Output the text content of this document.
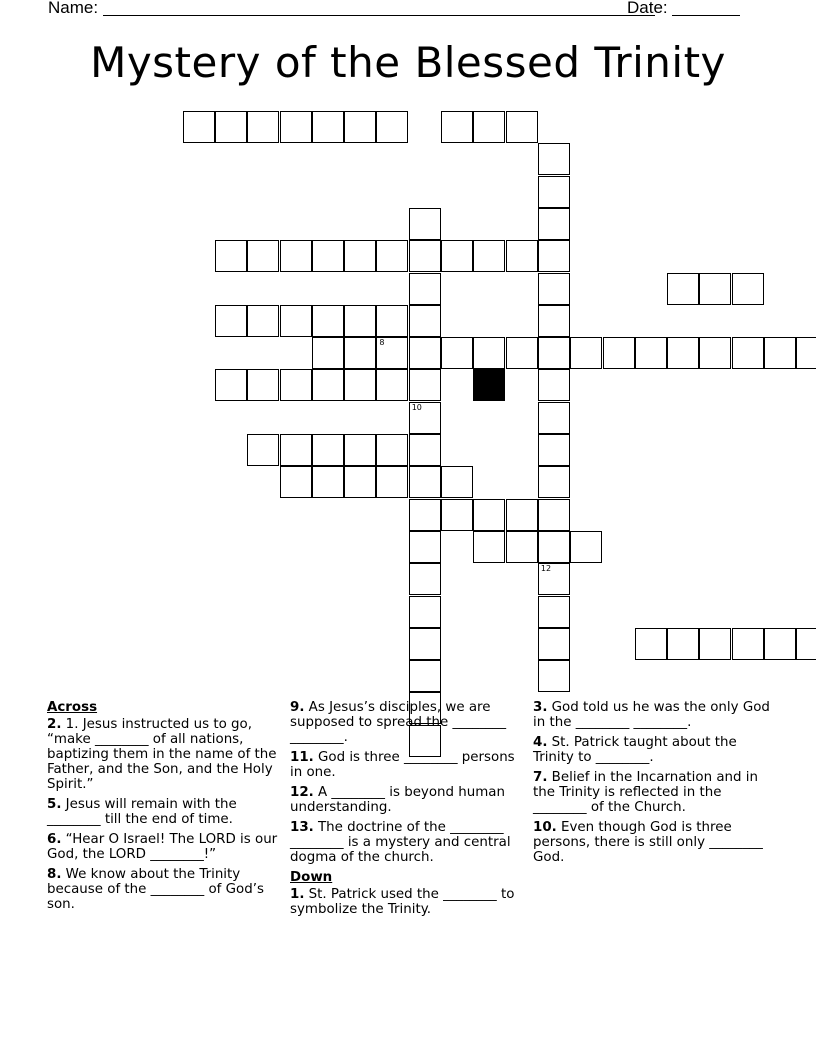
Name:	Date:
Mystery of the Blessed Trinity
10
12
8
Across
2. 1. Jesus instructed us to go, “make ________ of all nations, baptizing them in the name of the Father, and the Son, and the Holy Spirit.”
5. Jesus will remain with the ________ till the end of time.
6. “Hear O Israel! The LORD is our God, the LORD ________!”
8. We know about the Trinity because of the ________ of God’s son.
9. As Jesus’s disciples, we are supposed to spread the ________ ________.
11. God is three ________ persons in one.
12. A ________ is beyond human understanding.
13. The doctrine of the ________ ________ is a mystery and central dogma of the church.
Down
1. St. Patrick used the ________ to symbolize the Trinity.
3. God told us he was the only God in the ________ ________.
4. St. Patrick taught about the Trinity to ________.
7. Belief in the Incarnation and in the Trinity is reflected in the ________ of the Church.
10. Even though God is three persons, there is still only ________ God.
